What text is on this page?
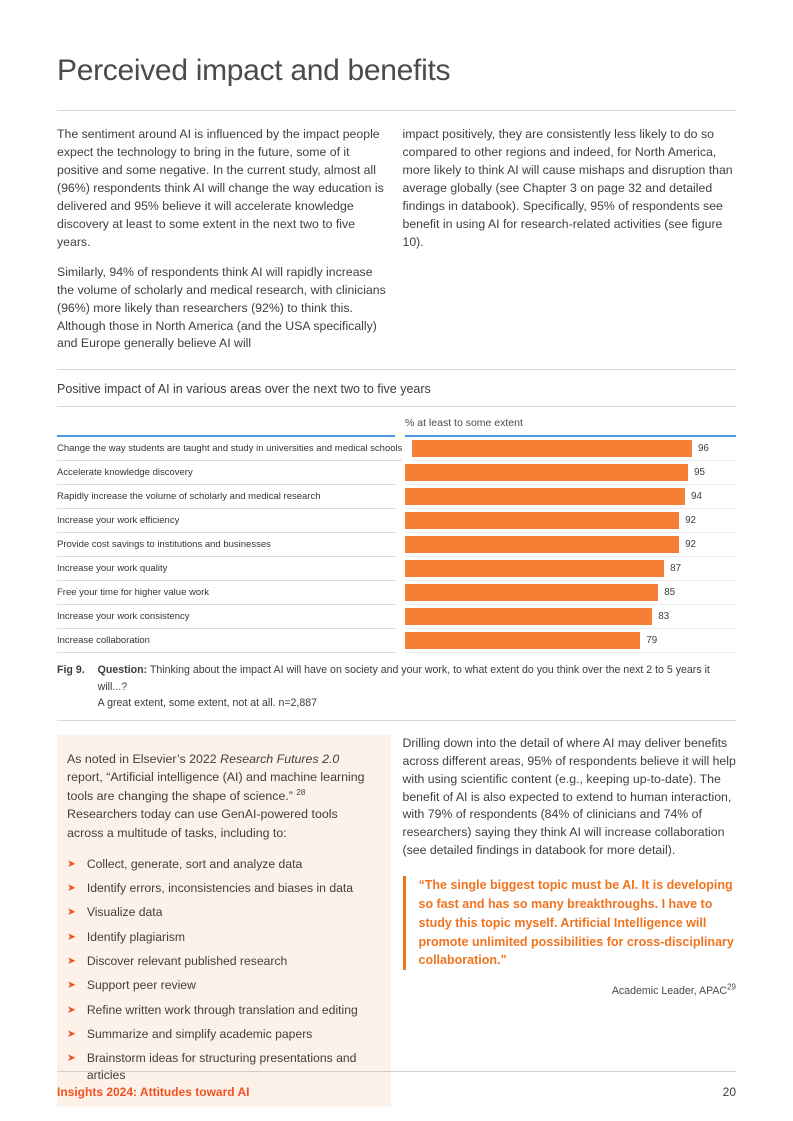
Perceived impact and benefits

The sentiment around AI is influenced by the impact people expect the technology to bring in the future, some of it positive and some negative. In the current study, almost all (96%) respondents think AI will change the way education is delivered and 95% believe it will accelerate knowledge discovery at least to some extent in the next two to five years.

Similarly, 94% of respondents think AI will rapidly increase the volume of scholarly and medical research, with clinicians (96%) more likely than researchers (92%) to think this. Although those in North America (and the USA specifically) and Europe generally believe AI will

impact positively, they are consistently less likely to do so compared to other regions and indeed, for North America, more likely to think AI will cause mishaps and disruption than average globally (see Chapter 3 on page 32 and detailed findings in databook). Specifically, 95% of respondents see benefit in using AI for research-related activities (see figure 10).

Positive impact of AI in various areas over the next two to five years
% at least to some extent
Change the way students are taught and study in universities and medical schools	96
Accelerate knowledge discovery	95
Rapidly increase the volume of scholarly and medical research	94
Increase your work efficiency	92
Provide cost savings to institutions and businesses	92
Increase your work quality	87
Free your time for higher value work	85
Increase your work consistency	83
Increase collaboration	79
Fig 9. Question: Thinking about the impact AI will have on society and your work, to what extent do you think over the next 2 to 5 years it will...?
A great extent, some extent, not at all. n=2,887

As noted in Elsevier’s 2022 Research Futures 2.0 report, “Artificial intelligence (AI) and machine learning tools are changing the shape of science.” $^{28}$ Researchers today can use GenAI-powered tools across a multitude of tasks, including to:

➤ Collect, generate, sort and analyze data
➤ Identify errors, inconsistencies and biases in data
➤ Visualize data
➤ Identify plagiarism
➤ Discover relevant published research
➤ Support peer review
➤ Refine written work through translation and editing
➤ Summarize and simplify academic papers
➤ Brainstorm ideas for structuring presentations and articles

Drilling down into the detail of where AI may deliver benefits across different areas, 95% of respondents believe it will help with using scientific content (e.g., keeping up-to-date). The benefit of AI is also expected to extend to human interaction, with 79% of respondents (84% of clinicians and 74% of researchers) saying they think AI will increase collaboration (see detailed findings in databook for more detail).

“The single biggest topic must be AI. It is developing so fast and has so many breakthroughs. I have to study this topic myself. Artificial Intelligence will promote unlimited possibilities for cross-disciplinary collaboration.”

Academic Leader, APAC$^{29}$
Insights 2024: Attitudes toward AI	20
